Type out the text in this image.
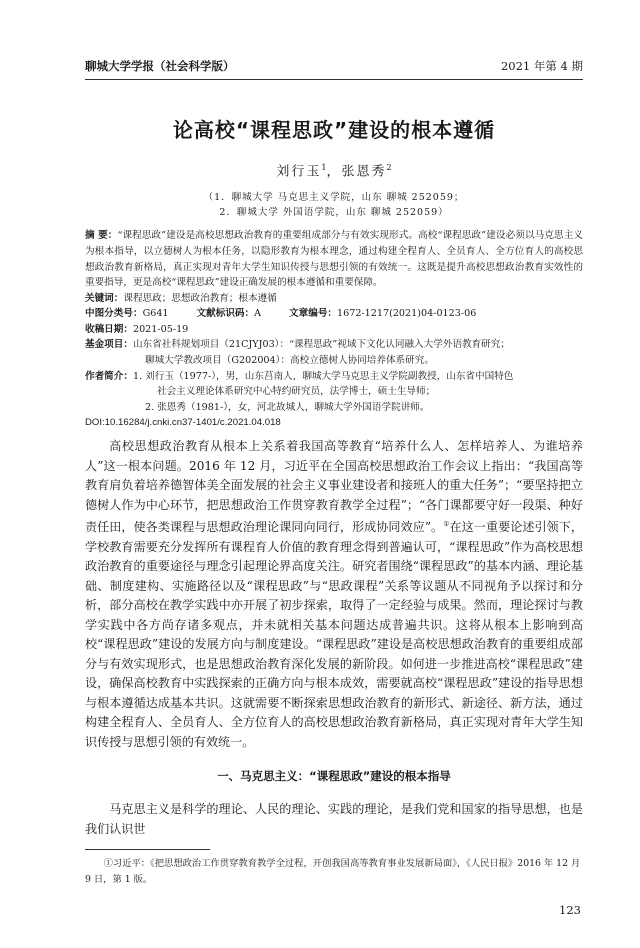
聊城大学学报（社会科学版）	2021 年第 4 期
论高校“课程思政”建设的根本遵循
刘行玉$^1$，张恩秀$^2$
（1．聊城大学 马克思主义学院，山东 聊城 252059；
2．聊城大学 外国语学院，山东 聊城 252059）
摘 要：“课程思政”建设是高校思想政治教育的重要组成部分与有效实现形式。高校“课程思政”建设必须以马克思主义为根本指导，以立德树人为根本任务，以隐形教育为根本理念，通过构建全程育人、全员育人、全方位育人的高校思想政治教育新格局，真正实现对青年大学生知识传授与思想引领的有效统一。这既是提升高校思想政治教育实效性的重要指导，更是高校“课程思政”建设正确发展的根本遵循和重要保障。
关键词：课程思政；思想政治教育；根本遵循
中图分类号：G641	文献标识码：A	文章编号：1672-1217(2021)04-0123-06
收稿日期：2021-05-19
基金项目：山东省社科规划项目（21CJYJ03）：“课程思政”视域下文化认同融入大学外语教育研究；
聊城大学教改项目（G202004）：高校立德树人协同培养体系研究。
作者简介：1. 刘行玉（1977-），男，山东莒南人，聊城大学马克思主义学院副教授，山东省中国特色
社会主义理论体系研究中心特约研究员，法学博士，硕士生导师；
2. 张恩秀（1981-），女，河北故城人，聊城大学外国语学院讲师。
DOI:10.16284/j.cnki.cn37-1401/c.2021.04.018
高校思想政治教育从根本上关系着我国高等教育“培养什么人、怎样培养人、为谁培养人”这一根本问题。2016 年 12 月，习近平在全国高校思想政治工作会议上指出：“我国高等教育肩负着培养德智体美全面发展的社会主义事业建设者和接班人的重大任务”；“要坚持把立德树人作为中心环节，把思想政治工作贯穿教育教学全过程”；“各门课都要守好一段渠、种好责任田，使各类课程与思想政治理论课同向同行，形成协同效应”。①在这一重要论述引领下，学校教育需要充分发挥所有课程育人价值的教育理念得到普遍认可，“课程思政”作为高校思想政治教育的重要途径与理念引起理论界高度关注。研究者围绕“课程思政”的基本内涵、理论基础、制度建构、实施路径以及“课程思政”与“思政课程”关系等议题从不同视角予以探讨和分析，部分高校在教学实践中亦开展了初步探索，取得了一定经验与成果。然而，理论探讨与教学实践中各方尚存诸多观点，并未就相关基本问题达成普遍共识。这将从根本上影响到高校“课程思政”建设的发展方向与制度建设。“课程思政”建设是高校思想政治教育的重要组成部分与有效实现形式，也是思想政治教育深化发展的新阶段。如何进一步推进高校“课程思政”建设，确保高校教育中实践探索的正确方向与根本成效，需要就高校“课程思政”建设的指导思想与根本遵循达成基本共识。这就需要不断探索思想政治教育的新形式、新途径、新方法，通过构建全程育人、全员育人、全方位育人的高校思想政治教育新格局，真正实现对青年大学生知识传授与思想引领的有效统一。
一、马克思主义：“课程思政”建设的根本指导
马克思主义是科学的理论、人民的理论、实践的理论，是我们党和国家的指导思想，也是我们认识世
①习近平：《把思想政治工作贯穿教育教学全过程，开创我国高等教育事业发展新局面》，《人民日报》2016 年 12 月 9 日，第 1 版。
123
